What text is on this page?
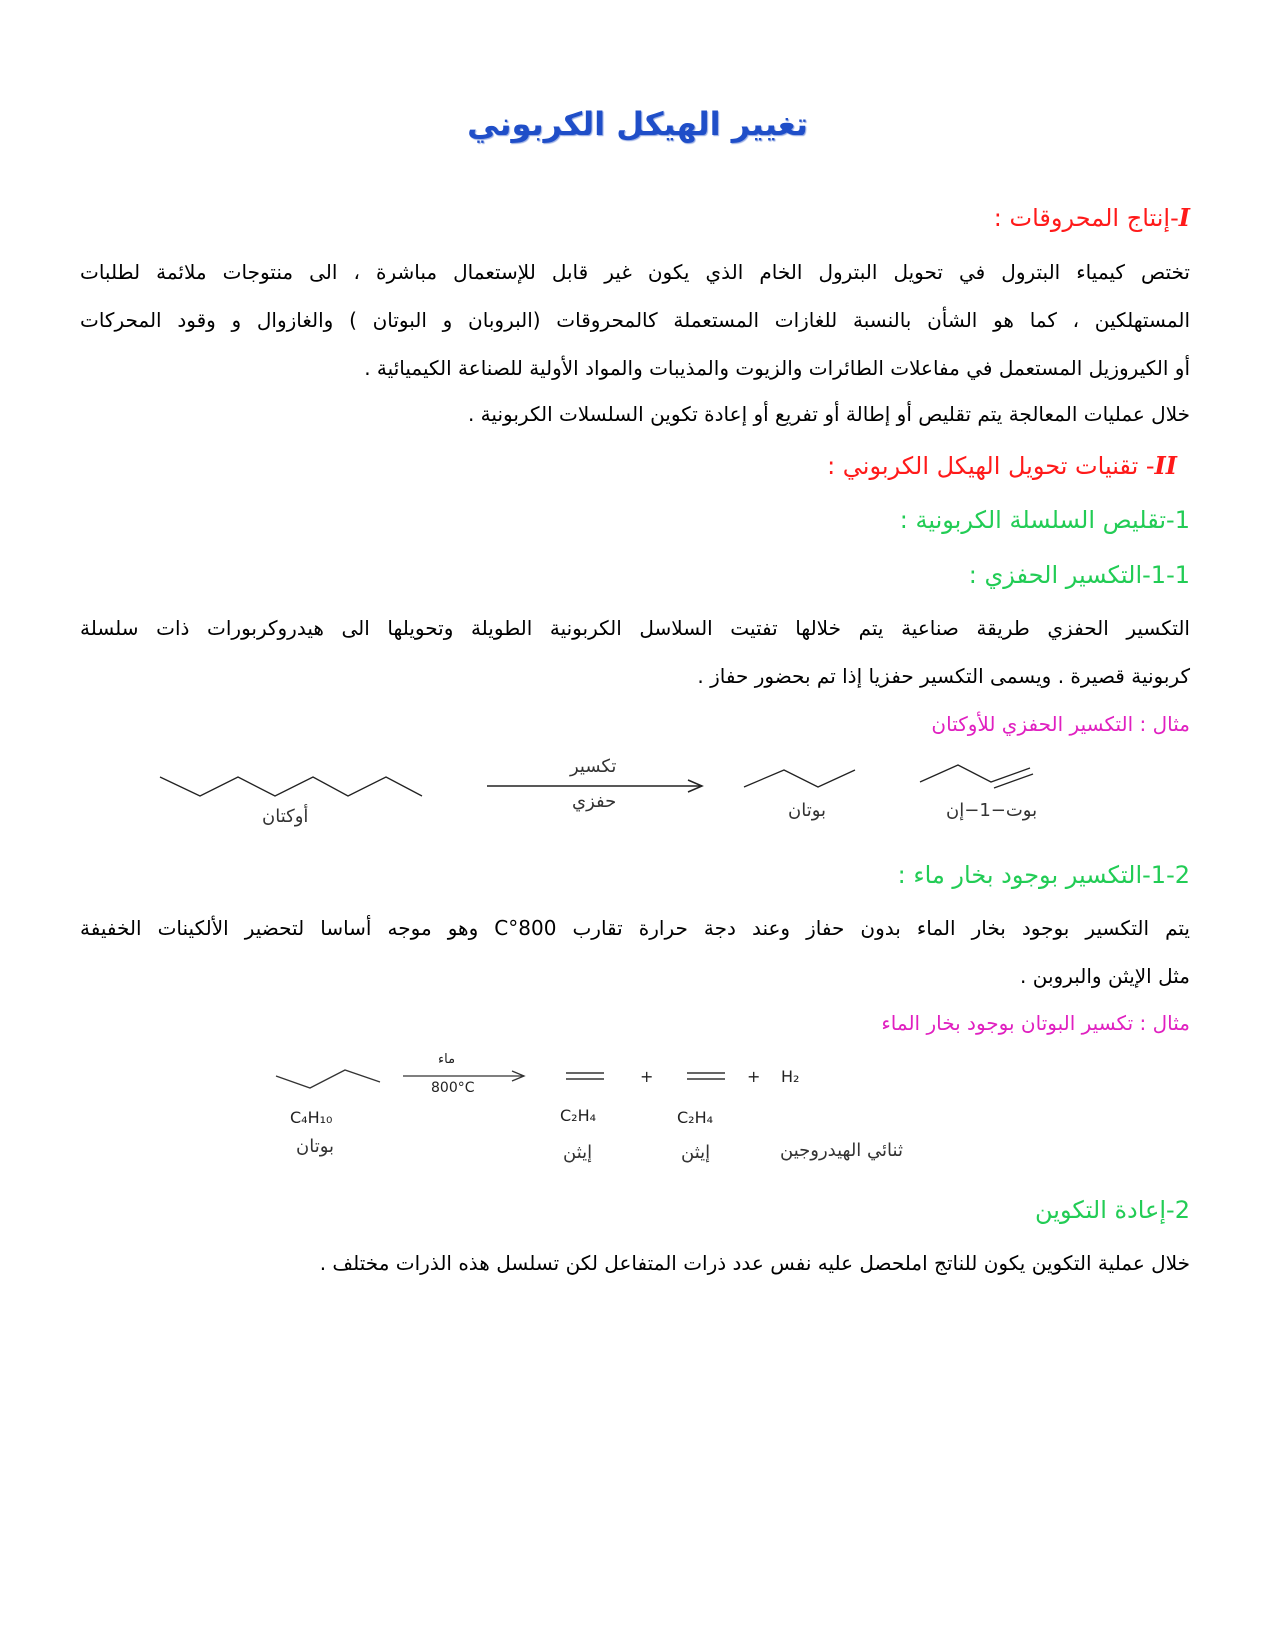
تغيير الهيكل الكربوني
I-إنتاج المحروقات :
تختص كيمياء البترول في تحويل البترول الخام الذي يكون غير قابل للإستعمال مباشرة ، الى منتوجات ملائمة لطلبات
المستهلكين ، كما هو الشأن بالنسبة للغازات المستعملة كالمحروقات (البروبان و البوتان ) والغازوال و وقود المحركات
أو الكيروزيل المستعمل في مفاعلات الطائرات والزيوت والمذيبات والمواد الأولية للصناعة الكيميائية .
خلال عمليات المعالجة يتم تقليص أو إطالة أو تفريع أو إعادة تكوين السلسلات الكربونية .
II- تقنيات تحويل الهيكل الكربوني :
1-تقليص السلسلة الكربونية :
1-1-التكسير الحفزي :
التكسير الحفزي طريقة صناعية يتم خلالها تفتيت السلاسل الكربونية الطويلة وتحويلها الى هيدروكربورات ذات سلسلة
كربونية قصيرة . ويسمى التكسير حفزيا إذا تم بحضور حفاز .
مثال : التكسير الحفزي للأوكتان
أوكتان
تكسير
حفزي	بوتان	بوت−1−إن
1-2-التكسير بوجود بخار ماء :
يتم التكسير بوجود بخار الماء بدون حفاز وعند دجة حرارة تقارب 800°C وهو موجه أساسا لتحضير الألكينات الخفيفة
مثل الإيثن والبروبن .
مثال : تكسير البوتان بوجود بخار الماء
ماء
800°C
+	+ H₂
C₄H₁₀	C₂H₄	C₂H₄
بوتان	إيثن	إيثن	ثنائي الهيدروجين
2-إعادة التكوين
خلال عملية التكوين يكون للناتج املحصل عليه نفس عدد ذرات المتفاعل لكن تسلسل هذه الذرات مختلف .
